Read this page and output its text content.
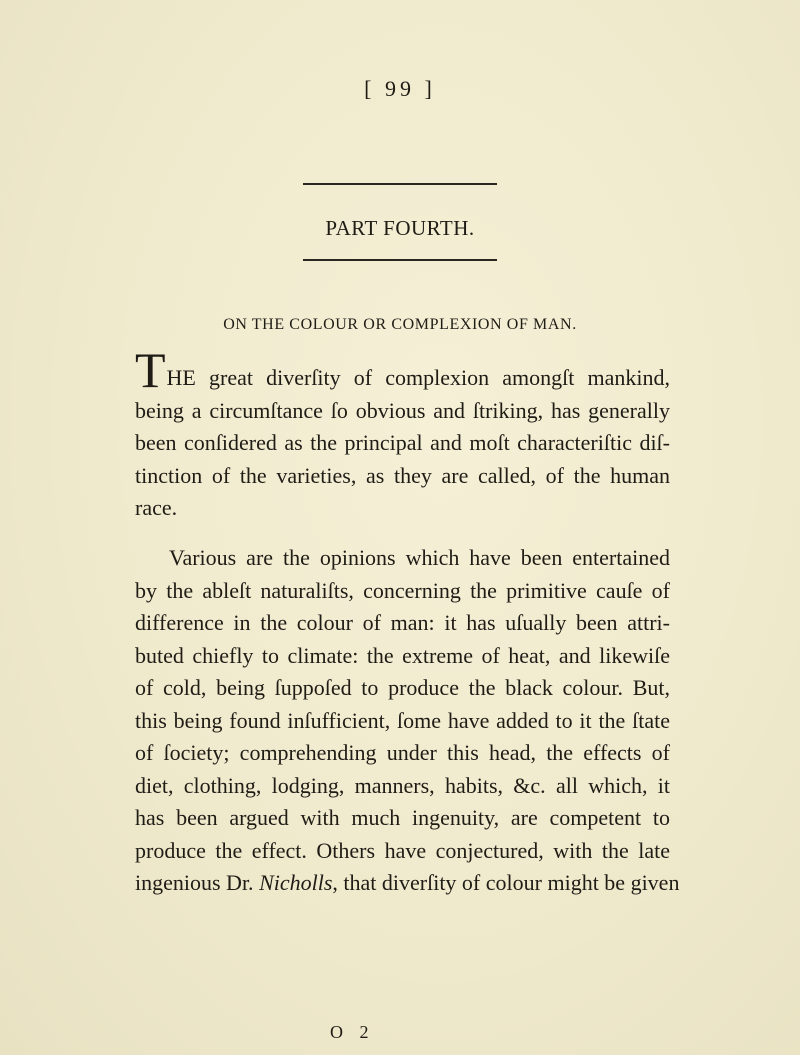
[ 99 ]
PART FOURTH.
ON THE COLOUR OR COMPLEXION OF MAN.
THE great diverſity of complexion amongſt mankind,
being a circumſtance ſo obvious and ſtriking, has generally
been conſidered as the principal and moſt characteriſtic diſ-
tinction of the varieties, as they are called, of the human
race.
Various are the opinions which have been entertained
by the ableſt naturaliſts, concerning the primitive cauſe of
difference in the colour of man: it has uſually been attri-
buted chiefly to climate: the extreme of heat, and likewiſe
of cold, being ſuppoſed to produce the black colour. But,
this being found inſufficient, ſome have added to it the ſtate
of ſociety; comprehending under this head, the effects of
diet, clothing, lodging, manners, habits, &c. all which, it
has been argued with much ingenuity, are competent to
produce the effect. Others have conjectured, with the late
ingenious Dr. Nicholls, that diverſity of colour might be given
O 2
